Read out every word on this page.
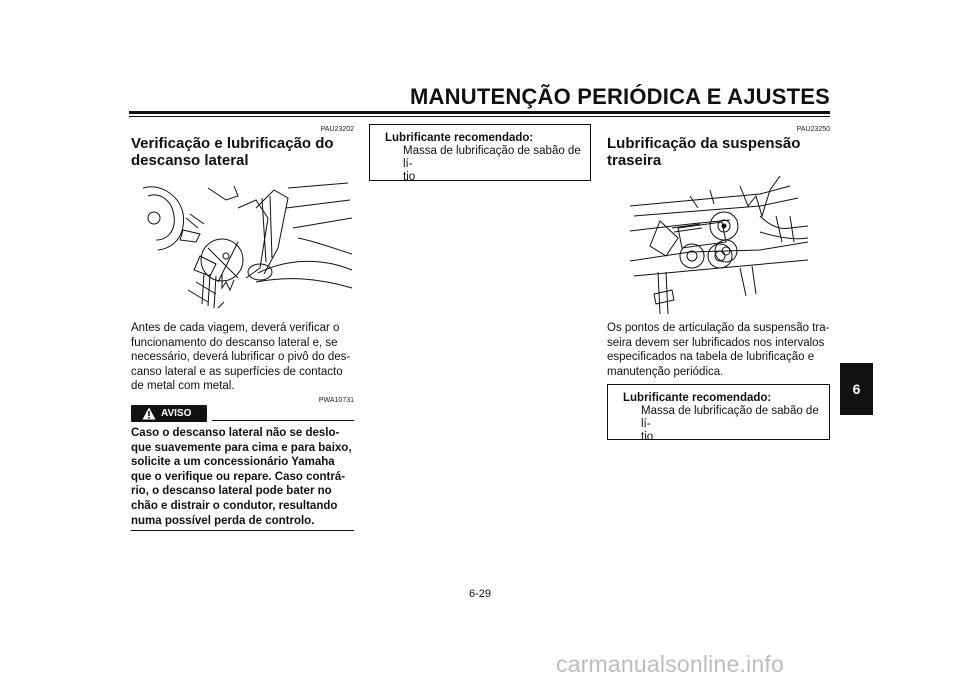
MANUTENÇÃO PERIÓDICA E AJUSTES
6
PAU23202
Verificação e lubrificação do
descanso lateral
Antes de cada viagem, deverá verificar o
funcionamento do descanso lateral e, se
necessário, deverá lubrificar o pivô do des-
canso lateral e as superfícies de contacto
de metal com metal.
PWA10731
AVISO
Caso o descanso lateral não se deslo-
que suavemente para cima e para baixo,
solicite a um concessionário Yamaha
que o verifique ou repare. Caso contrá-
rio, o descanso lateral pode bater no
chão e distrair o condutor, resultando
numa possível perda de controlo.
Lubrificante recomendado:
Massa de lubrificação de sabão de lí-
tio
PAU23250
Lubrificação da suspensão
traseira
Os pontos de articulação da suspensão tra-
seira devem ser lubrificados nos intervalos
especificados na tabela de lubrificação e
manutenção periódica.
Lubrificante recomendado:
Massa de lubrificação de sabão de lí-
tio
6-29
carmanualsonline.info
